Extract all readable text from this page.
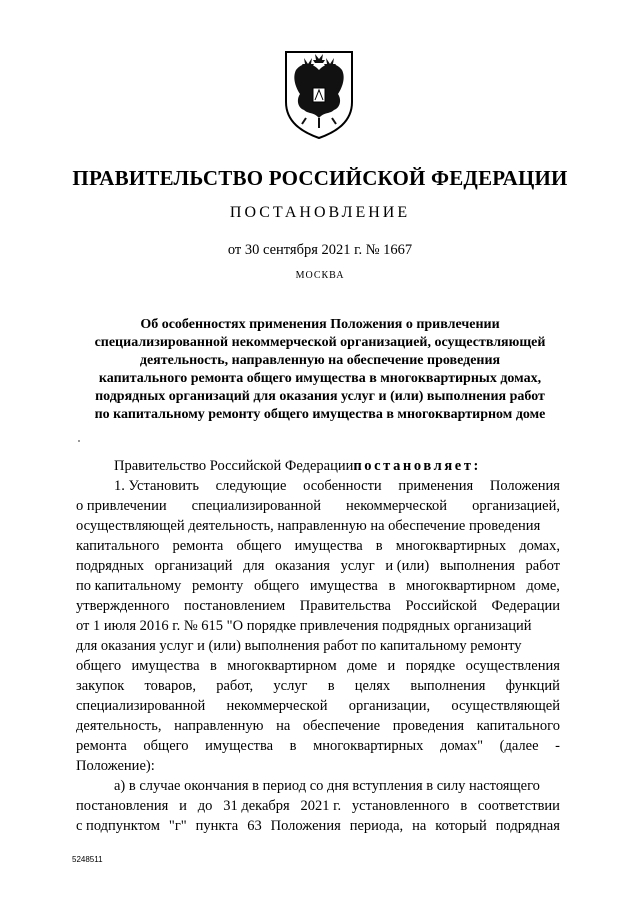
ПРАВИТЕЛЬСТВО РОССИЙСКОЙ ФЕДЕРАЦИИ
ПОСТАНОВЛЕНИЕ
от 30 сентября 2021 г. № 1667
МОСКВА
Об особенностях применения Положения о привлечении
специализированной некоммерческой организацией, осуществляющей
деятельность, направленную на обеспечение проведения
капитального ремонта общего имущества в многоквартирных домах,
подрядных организаций для оказания услуг и (или) выполнения работ
по капитальному ремонту общего имущества в многоквартирном доме
Правительство Российской Федерации постановляет:
1. Установить следующие особенности применения Положения
о привлечении специализированной некоммерческой организацией,
осуществляющей деятельность, направленную на обеспечение проведения
капитального ремонта общего имущества в многоквартирных домах,
подрядных организаций для оказания услуг и (или) выполнения работ
по капитальному ремонту общего имущества в многоквартирном доме,
утвержденного постановлением Правительства Российской Федерации
от 1 июля 2016 г. № 615 "О порядке привлечения подрядных организаций
для оказания услуг и (или) выполнения работ по капитальному ремонту
общего имущества в многоквартирном доме и порядке осуществления
закупок товаров, работ, услуг в целях выполнения функций
специализированной некоммерческой организации, осуществляющей
деятельность, направленную на обеспечение проведения капитального
ремонта общего имущества в многоквартирных домах" (далее -
Положение):
а) в случае окончания в период со дня вступления в силу настоящего
постановления и до 31 декабря 2021 г. установленного в соответствии
с подпунктом "г" пункта 63 Положения периода, на который подрядная
5248511
